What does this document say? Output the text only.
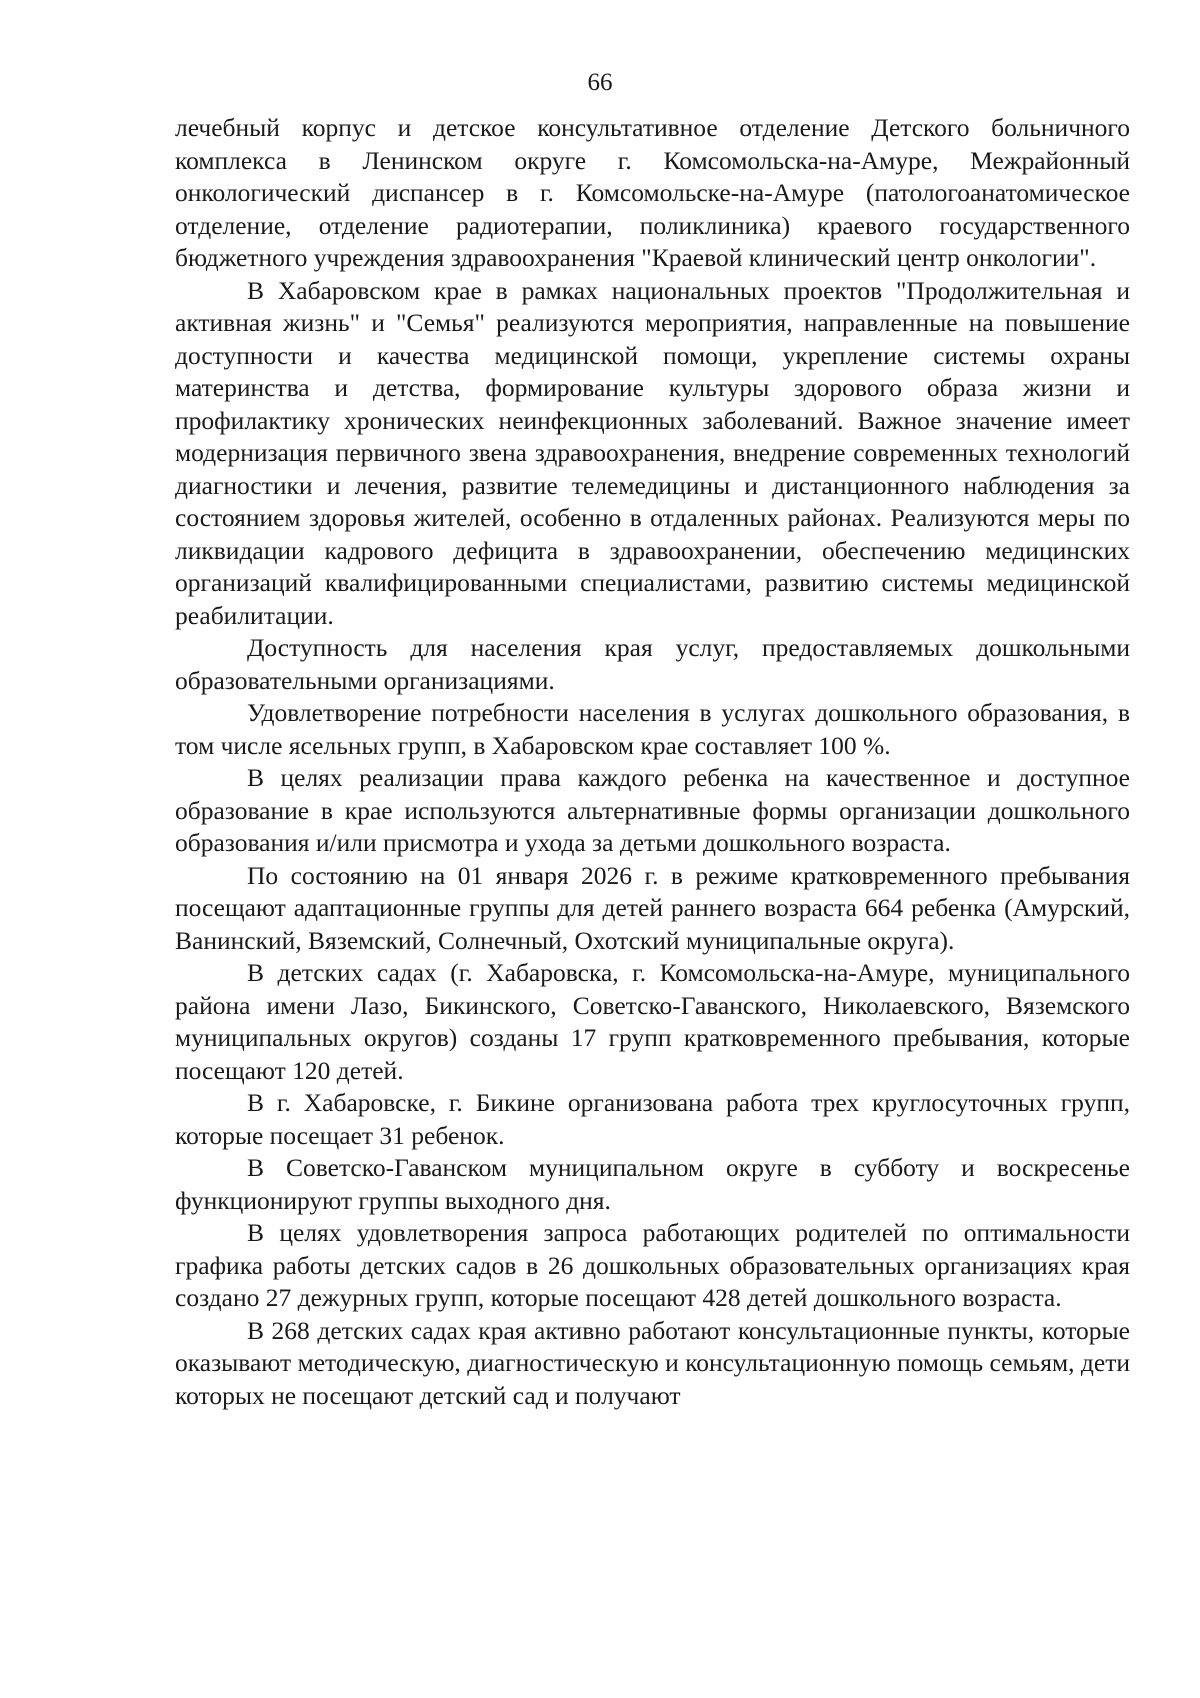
66

лечебный корпус и детское консультативное отделение Детского больничного комплекса в Ленинском округе г. Комсомольска-на-Амуре, Межрайонный онкологический диспансер в г. Комсомольске-на-Амуре (патологоанатомическое отделение, отделение радиотерапии, поликлиника) краевого государственного бюджетного учреждения здравоохранения "Краевой клинический центр онкологии".

В Хабаровском крае в рамках национальных проектов "Продолжительная и активная жизнь" и "Семья" реализуются мероприятия, направленные на повышение доступности и качества медицинской помощи, укрепление системы охраны материнства и детства, формирование культуры здорового образа жизни и профилактику хронических неинфекционных заболеваний. Важное значение имеет модернизация первичного звена здравоохранения, внедрение современных технологий диагностики и лечения, развитие телемедицины и дистанционного наблюдения за состоянием здоровья жителей, особенно в отдаленных районах. Реализуются меры по ликвидации кадрового дефицита в здравоохранении, обеспечению медицинских организаций квалифицированными специалистами, развитию системы медицинской реабилитации.

Доступность для населения края услуг, предоставляемых дошкольными образовательными организациями.

Удовлетворение потребности населения в услугах дошкольного образования, в том числе ясельных групп, в Хабаровском крае составляет 100 %.

В целях реализации права каждого ребенка на качественное и доступное образование в крае используются альтернативные формы организации дошкольного образования и/или присмотра и ухода за детьми дошкольного возраста.

По состоянию на 01 января 2026 г. в режиме кратковременного пребывания посещают адаптационные группы для детей раннего возраста 664 ребенка (Амурский, Ванинский, Вяземский, Солнечный, Охотский муниципальные округа).

В детских садах (г. Хабаровска, г. Комсомольска-на-Амуре, муниципального района имени Лазо, Бикинского, Советско-Гаванского, Николаевского, Вяземского муниципальных округов) созданы 17 групп кратковременного пребывания, которые посещают 120 детей.

В г. Хабаровске, г. Бикине организована работа трех круглосуточных групп, которые посещает 31 ребенок.

В Советско-Гаванском муниципальном округе в субботу и воскресенье функционируют группы выходного дня.

В целях удовлетворения запроса работающих родителей по оптимальности графика работы детских садов в 26 дошкольных образовательных организациях края создано 27 дежурных групп, которые посещают 428 детей дошкольного возраста.

В 268 детских садах края активно работают консультационные пункты, которые оказывают методическую, диагностическую и консультационную помощь семьям, дети которых не посещают детский сад и получают
